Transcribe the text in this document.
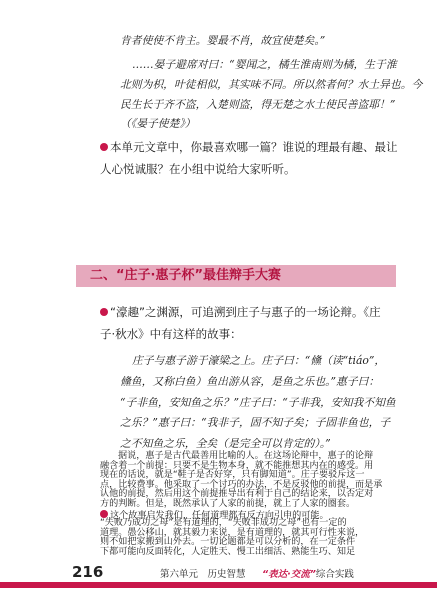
肯者使使不肯主。婴最不肖，故宜使楚矣。”
……晏子避席对曰：“婴闻之，橘生淮南则为橘，生于淮
北则为枳，叶徒相似，其实味不同。所以然者何？水土异也。今
民生长于齐不盗，入楚则盗，得无楚之水土使民善盗耶！”
（《晏子使楚》）
本单元文章中，你最喜欢哪一篇？谁说的理最有趣、最让
人心悦诚服？在小组中说给大家听听。
二、“庄子·惠子杯”最佳辩手大赛
“濠趣”之渊源，可追溯到庄子与惠子的一场论辩。《庄
子·秋水》中有这样的故事：
庄子与惠子游于濠梁之上。庄子曰：“儵（读“tiáo”，
儵鱼，又称白鱼）鱼出游从容，是鱼之乐也。”惠子曰：
“子非鱼，安知鱼之乐？”庄子曰：“子非我，安知我不知鱼
之乐？”惠子曰：“我非子，固不知子矣；子固非鱼也，子
之不知鱼之乐，全矣（是完全可以肯定的）。”
216	第六单元　历史智慧 “表达·交流”综合实践
据说，惠子是古代最善用比喻的人。在这场论辩中，惠子的论辩
融含着一个前提：只要不是生物本身，就不能推想其内在的感受。用
现在的话说，就是“鞋子是否好穿，只有脚知道”。庄子要驳斥这一
点，比较费事。他采取了一个讨巧的办法，不是反驳他的前提，而是承
认他的前提，然后用这个前提推导出有利于自己的结论来，以否定对
方的判断。但是，既然承认了人家的前提，就上了人家的圈套。
这个故事启发我们，任何道理都有反方向引申的可能。
“失败乃成功之母”是有道理的，“失败非成功之母”也有一定的
道理。愚公移山，就其毅力来说，是有道理的，就其可行性来说，
则不如把家搬到山外去。一切论题都是可以分析的，在一定条件
下都可能向反面转化，人定胜天、慢工出细活、熟能生巧、知足
